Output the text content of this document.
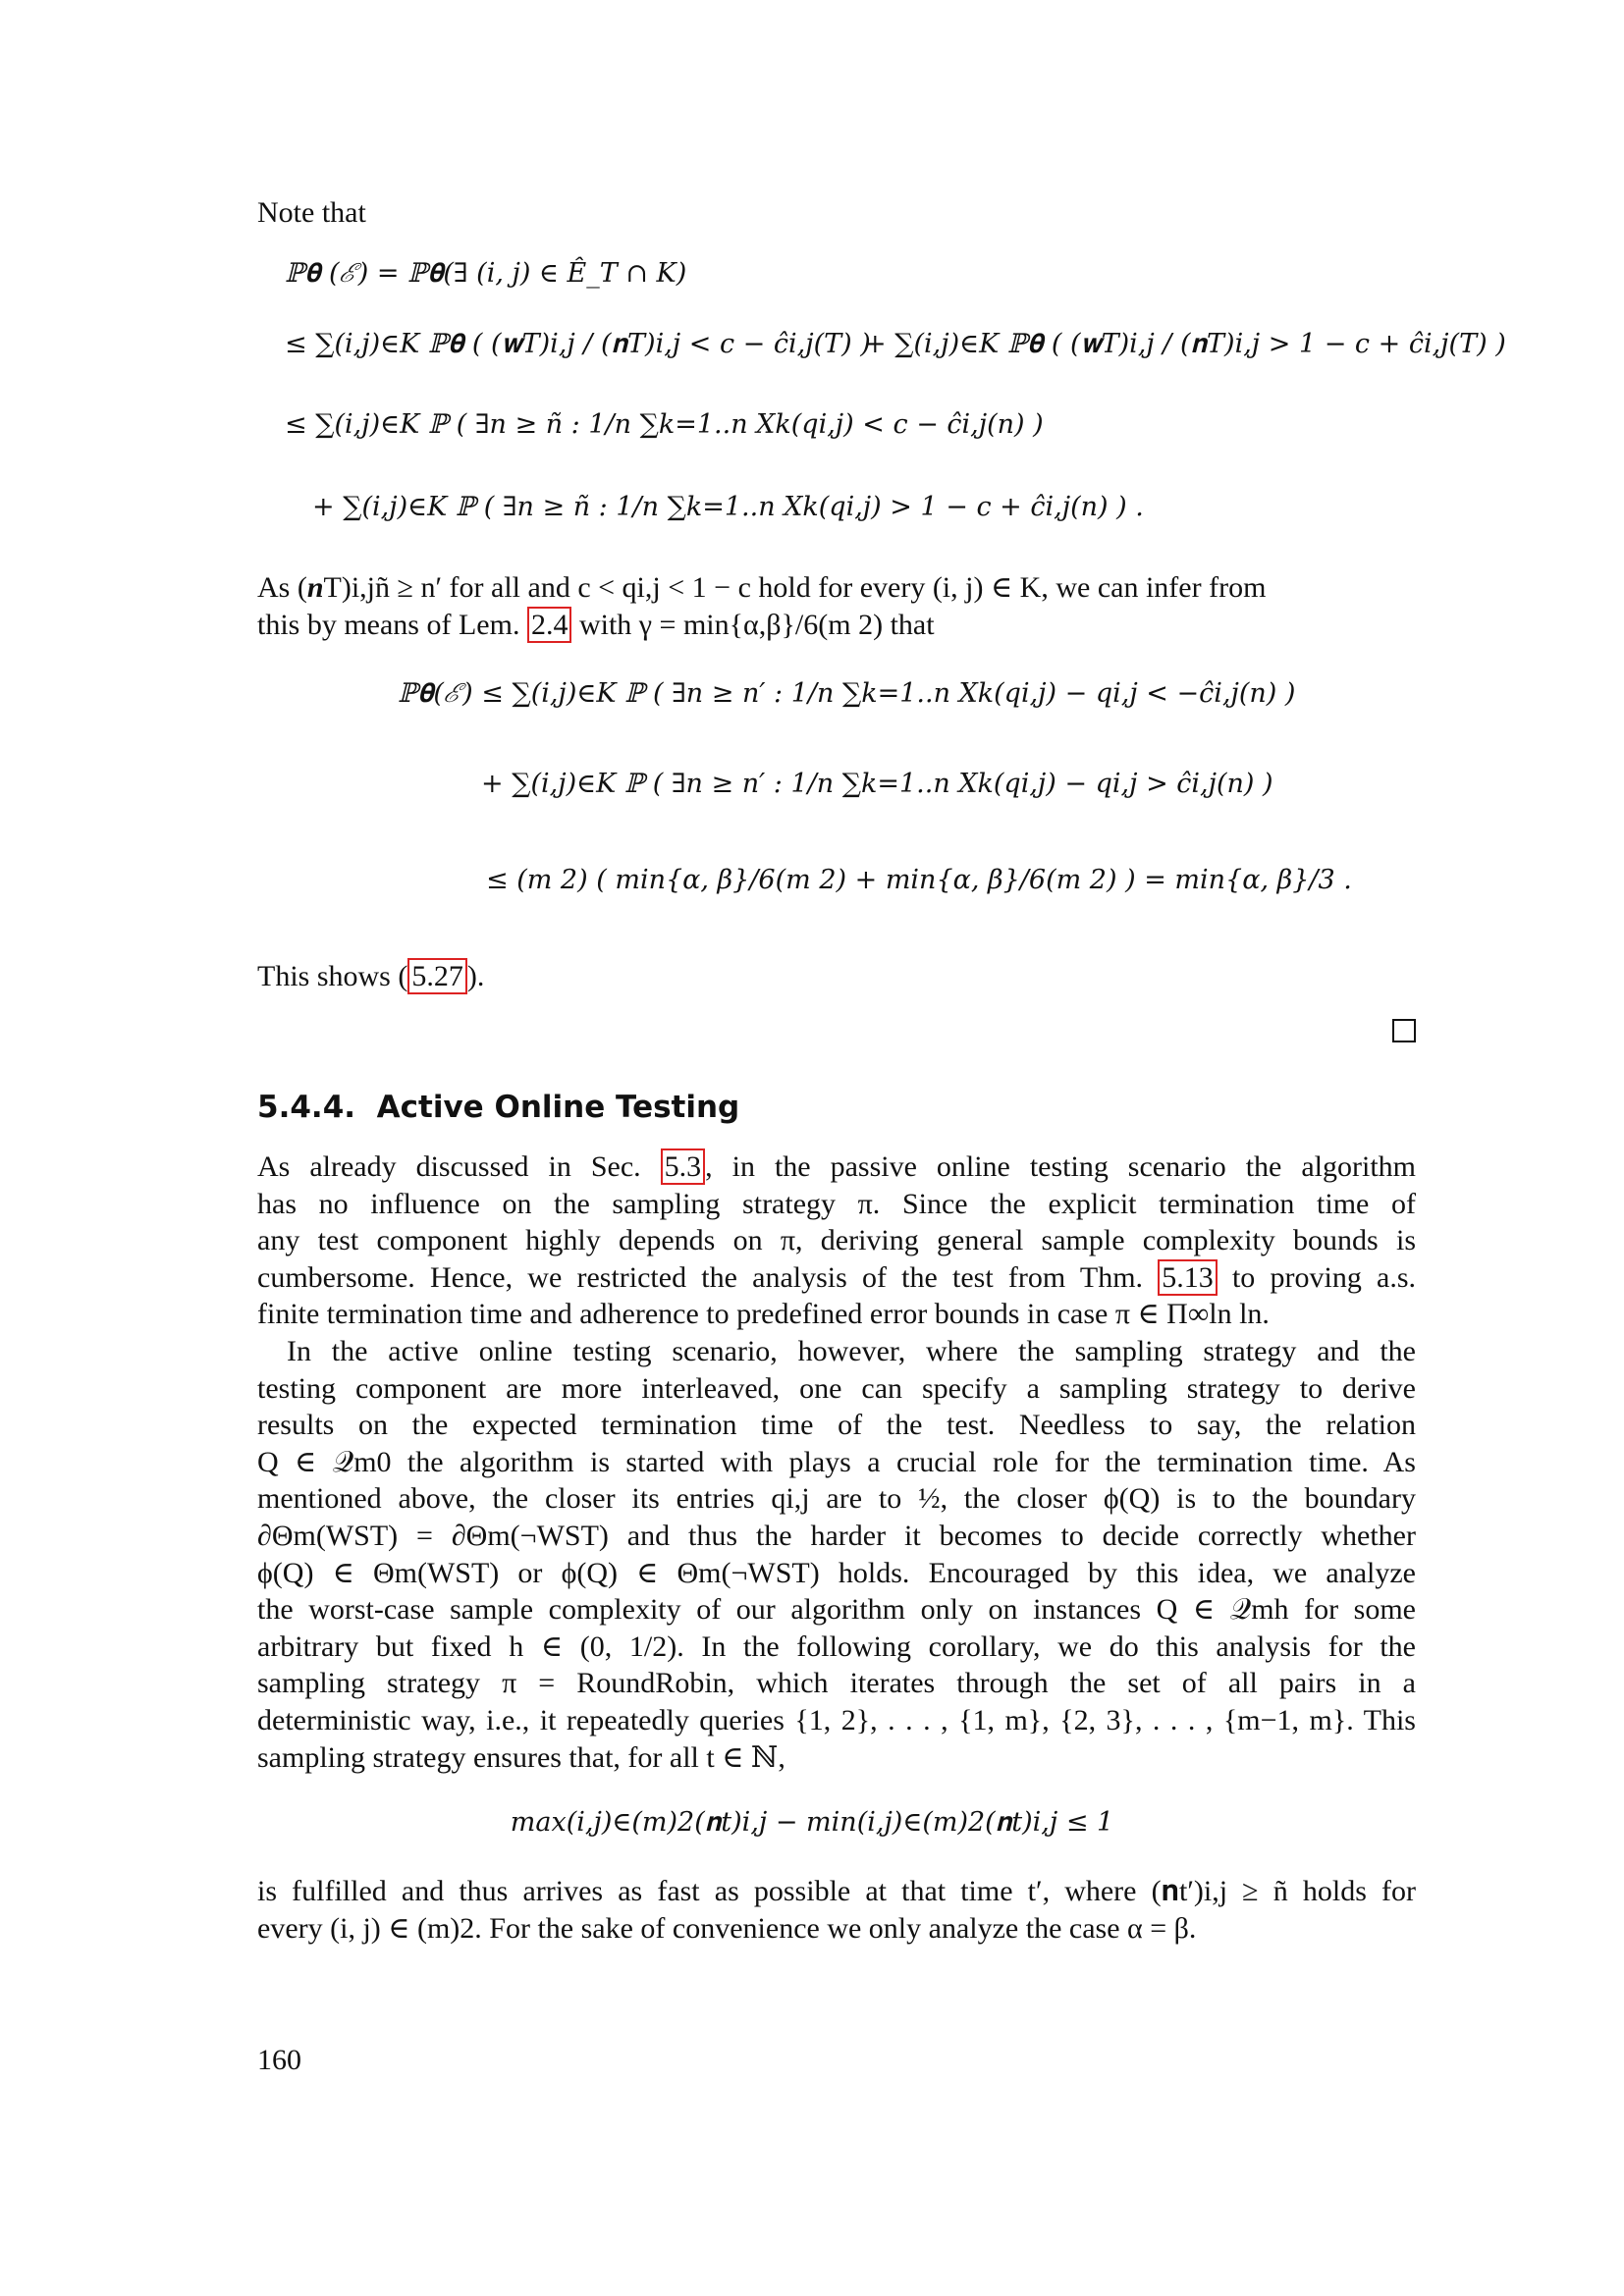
Note that
ℙ𝛉 (ℰ) = ℙ𝛉(∃ (i, j) ∈ Ê_T ∩ K)
≤ ∑(i,j)∈K ℙ𝛉 ( (𝐰T)i,j / (𝐧T)i,j < c − ĉi,j(T) )
+ ∑(i,j)∈K ℙ𝛉 ( (𝐰T)i,j / (𝐧T)i,j > 1 − c + ĉi,j(T) )
≤ ∑(i,j)∈K ℙ ( ∃n ≥ ñ : 1/n ∑k=1..n Xk(qi,j) < c − ĉi,j(n) )
+ ∑(i,j)∈K ℙ ( ∃n ≥ ñ : 1/n ∑k=1..n Xk(qi,j) > 1 − c + ĉi,j(n) ) .
As (nT)i,jñ ≥ n′ for all and c < qi,j < 1 − c hold for every (i, j) ∈ K, we can infer from
this by means of Lem. 2.4 with γ = min{α,β}/6(m 2) that
ℙ𝛉(ℰ) ≤ ∑(i,j)∈K ℙ ( ∃n ≥ n′ : 1/n ∑k=1..n Xk(qi,j) − qi,j < −ĉi,j(n) )
+ ∑(i,j)∈K ℙ ( ∃n ≥ n′ : 1/n ∑k=1..n Xk(qi,j) − qi,j > ĉi,j(n) )
≤ (m 2) ( min{α, β}/6(m 2) + min{α, β}/6(m 2) ) = min{α, β}/3 .
This shows ( 5.27 ).
5.4.4. Active Online Testing
As already discussed in Sec. 5.3 , in the passive online testing scenario the algorithm
has no influence on the sampling strategy π. Since the explicit termination time of
any test component highly depends on π, deriving general sample complexity bounds is
cumbersome. Hence, we restricted the analysis of the test from Thm. 5.13 to proving a.s.
finite termination time and adherence to predefined error bounds in case π ∈ Π∞ln ln.
In the active online testing scenario, however, where the sampling strategy and the
testing component are more interleaved, one can specify a sampling strategy to derive
results on the expected termination time of the test. Needless to say, the relation
Q ∈ 𝒬m0 the algorithm is started with plays a crucial role for the termination time. As
mentioned above, the closer its entries qi,j are to ½, the closer ϕ(Q) is to the boundary
∂Θm(WST) = ∂Θm(¬WST) and thus the harder it becomes to decide correctly whether
ϕ(Q) ∈ Θm(WST) or ϕ(Q) ∈ Θm(¬WST) holds. Encouraged by this idea, we analyze
the worst-case sample complexity of our algorithm only on instances Q ∈ 𝒬mh for some
arbitrary but fixed h ∈ (0, 1/2). In the following corollary, we do this analysis for the
sampling strategy π = RoundRobin, which iterates through the set of all pairs in a
deterministic way, i.e., it repeatedly queries {1, 2}, . . . , {1, m}, {2, 3}, . . . , {m−1, m}. This
sampling strategy ensures that, for all t ∈ ℕ,
max(i,j)∈(m)2(𝐧t)i,j − min(i,j)∈(m)2(𝐧t)i,j ≤ 1
is fulfilled and thus arrives as fast as possible at that time t′, where (𝐧t′)i,j ≥ ñ holds for
every (i, j) ∈ (m)2. For the sake of convenience we only analyze the case α = β.
160
